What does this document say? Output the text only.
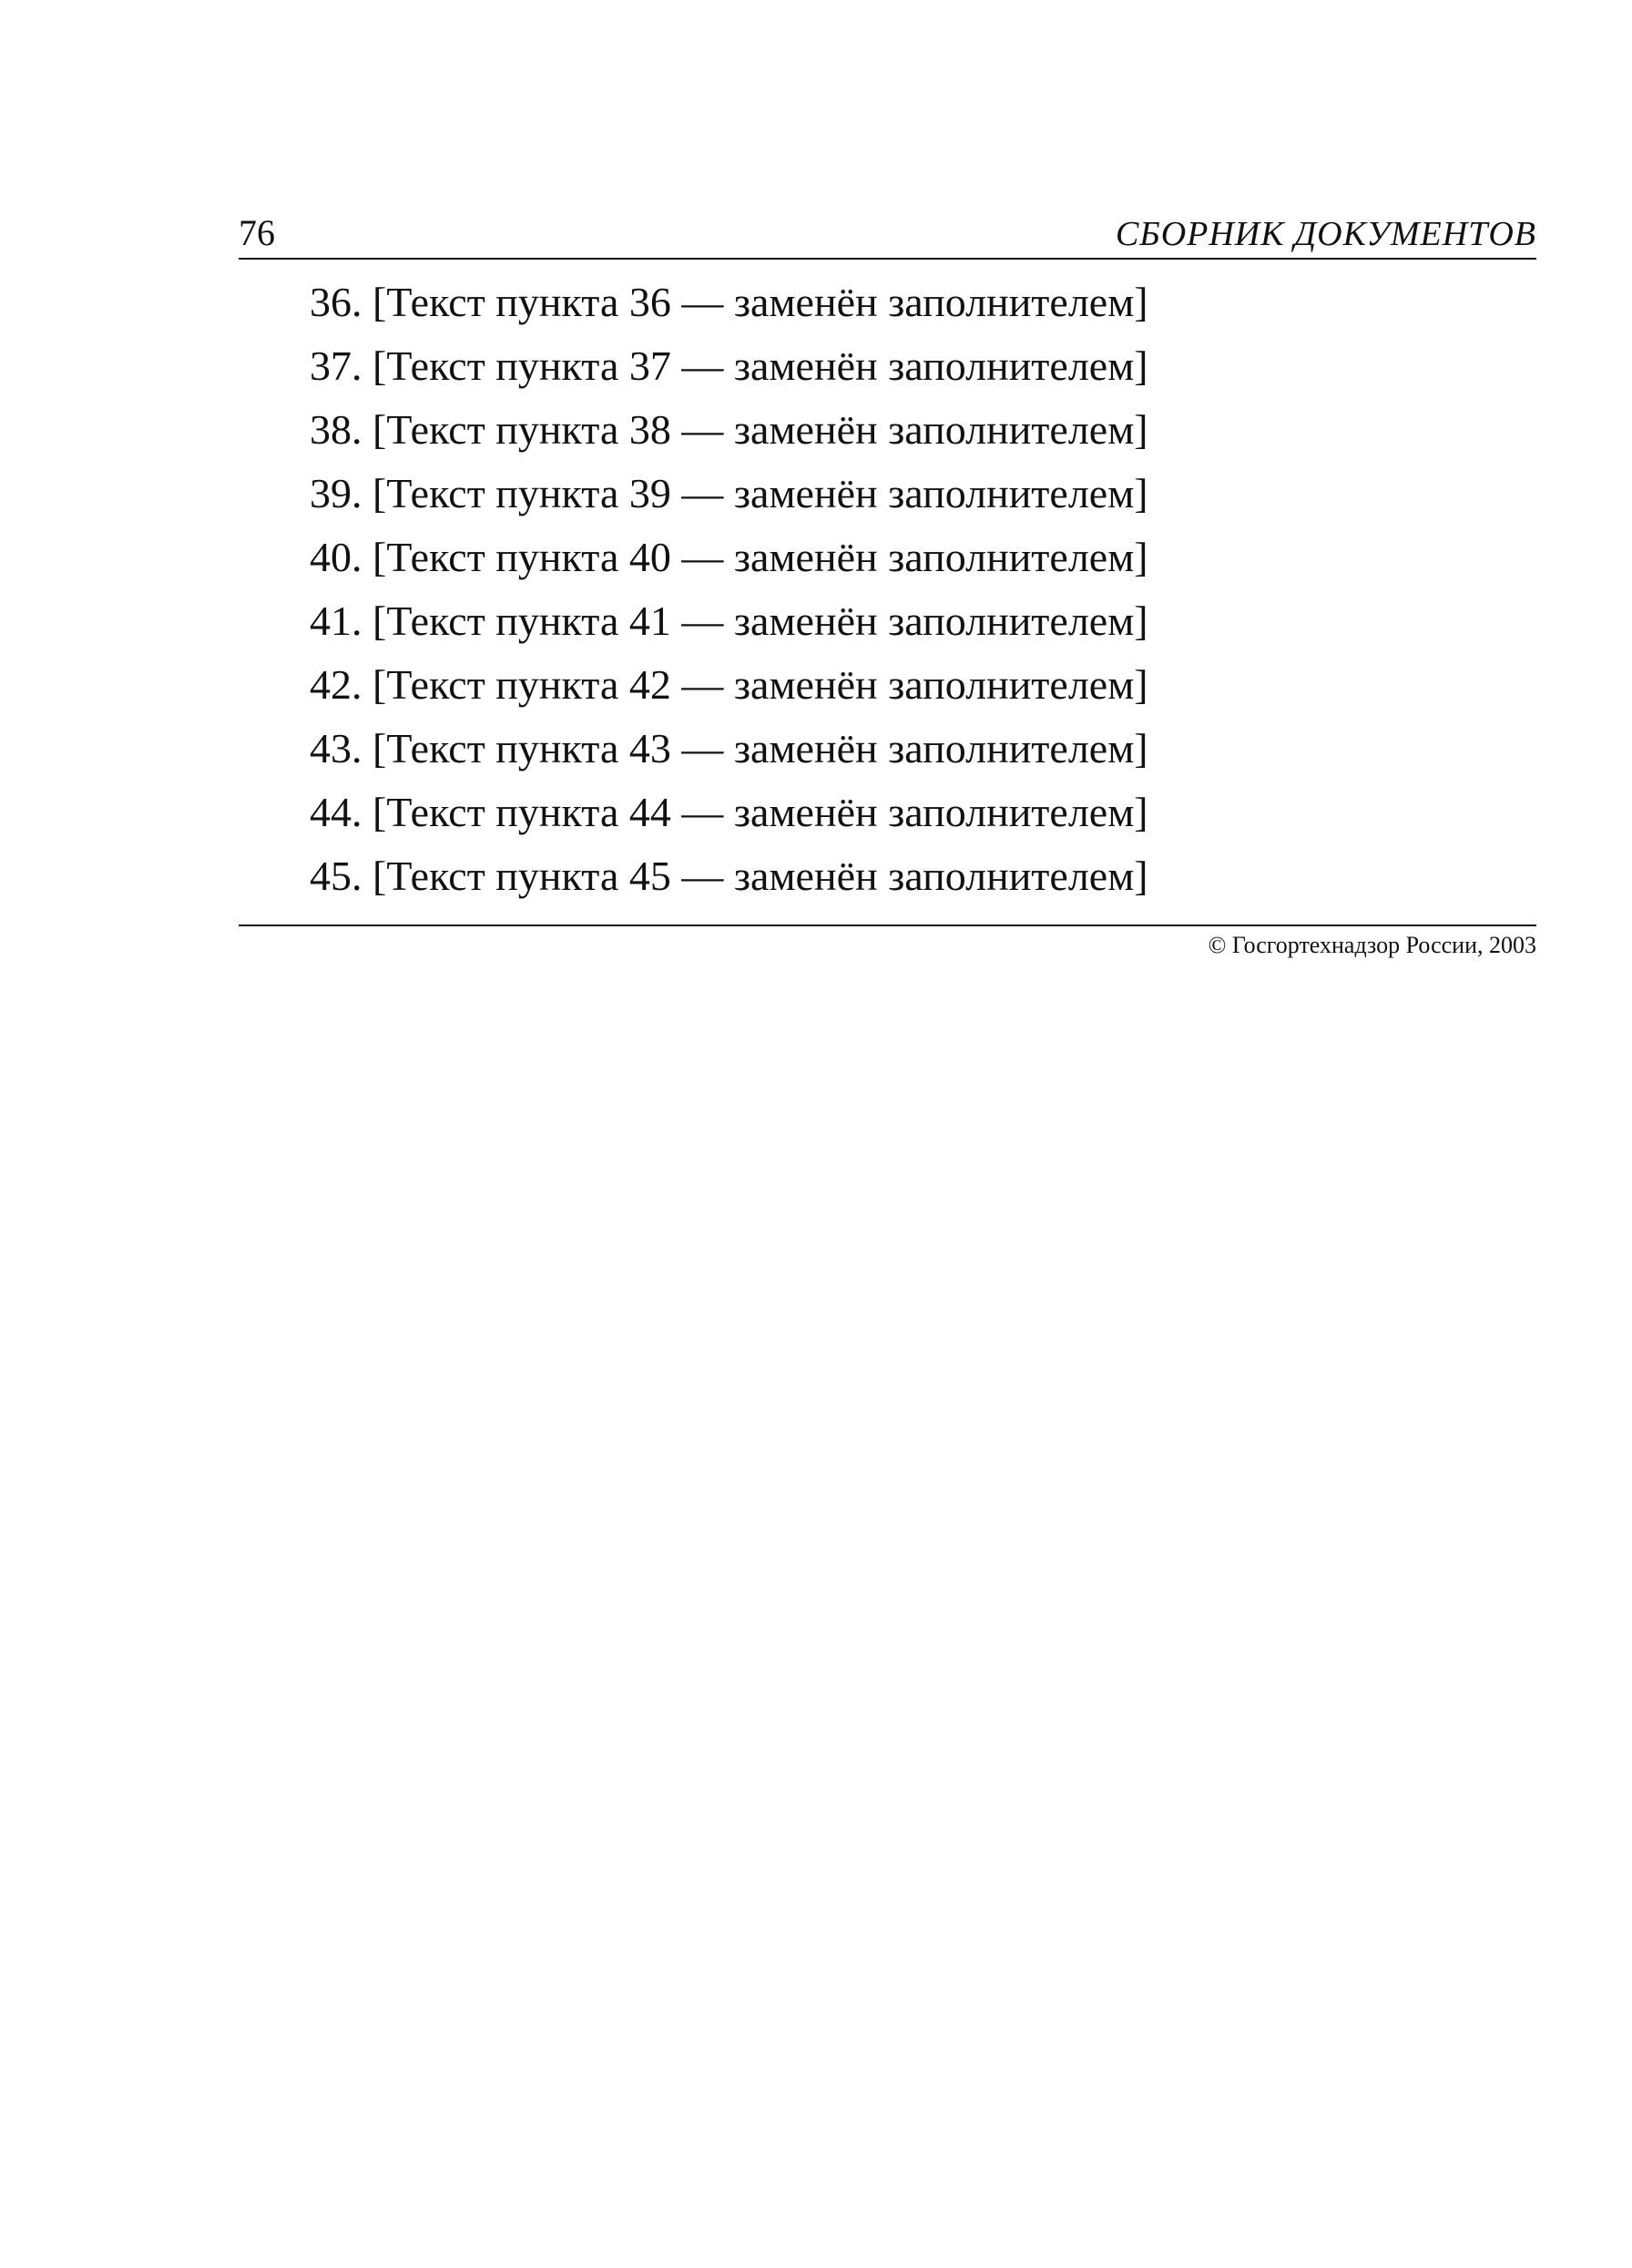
76	СБОРНИК ДОКУМЕНТОВ

36. [Текст пункта 36 — заменён заполнителем]

37. [Текст пункта 37 — заменён заполнителем]

38. [Текст пункта 38 — заменён заполнителем]

39. [Текст пункта 39 — заменён заполнителем]

40. [Текст пункта 40 — заменён заполнителем]

41. [Текст пункта 41 — заменён заполнителем]

42. [Текст пункта 42 — заменён заполнителем]

43. [Текст пункта 43 — заменён заполнителем]

44. [Текст пункта 44 — заменён заполнителем]

45. [Текст пункта 45 — заменён заполнителем]

© Госгортехнадзор России, 2003
